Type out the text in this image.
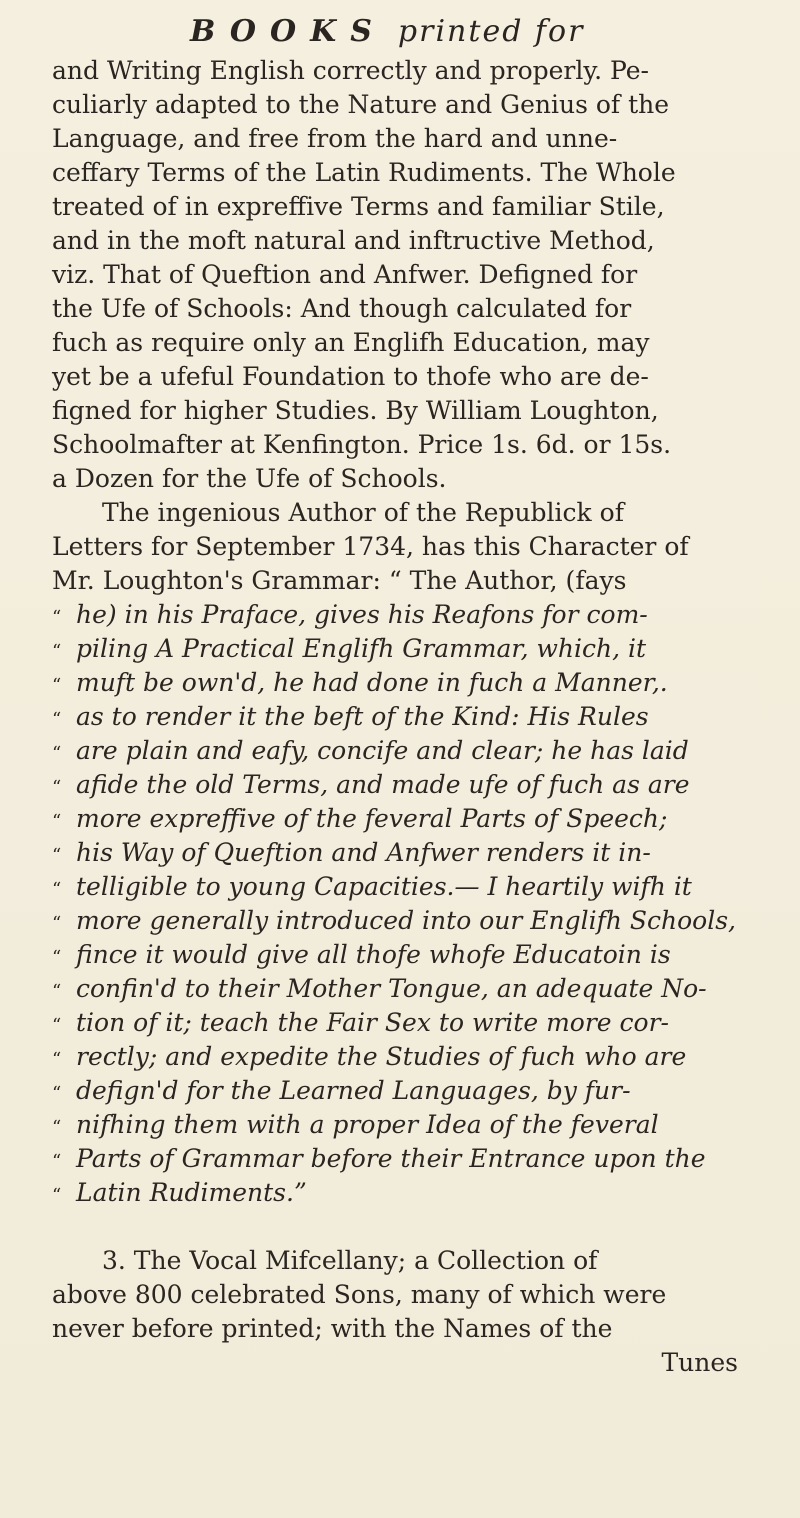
BOOKS printed for
and Writing English correctly and properly. Pe-
culiarly adapted to the Nature and Genius of the
Language, and free from the hard and unne-
ceffary Terms of the Latin Rudiments. The Whole
treated of in expreffive Terms and familiar Stile,
and in the moft natural and inftructive Method,
viz. That of Queftion and Anfwer. Defigned for
the Ufe of Schools: And though calculated for
fuch as require only an Englifh Education, may
yet be a ufeful Foundation to thofe who are de-
figned for higher Studies. By William Loughton,
Schoolmafter at Kenfington. Price 1s. 6d. or 15s.
a Dozen for the Ufe of Schools.
The ingenious Author of the Republick of
Letters for September 1734, has this Character of
Mr. Loughton's Grammar: “ The Author, (fays
“ he) in his Praface, gives his Reafons for com-
“ piling A Practical Englifh Grammar, which, it
“ muft be own'd, he had done in fuch a Manner,.
“ as to render it the beft of the Kind: His Rules
“ are plain and eafy, concife and clear; he has laid
“ afide the old Terms, and made ufe of fuch as are
“ more expreffive of the feveral Parts of Speech;
“ his Way of Queftion and Anfwer renders it in-
“ telligible to young Capacities.— I heartily wifh it
“ more generally introduced into our Englifh Schools,
“ fince it would give all thofe whofe Educatoin is
“ confin'd to their Mother Tongue, an adequate No-
“ tion of it; teach the Fair Sex to write more cor-
“ rectly; and expedite the Studies of fuch who are
“ defign'd for the Learned Languages, by fur-
“ nifhing them with a proper Idea of the feveral
“ Parts of Grammar before their Entrance upon the
“ Latin Rudiments.”
3. The Vocal Mifcellany; a Collection of
above 800 celebrated Sons, many of which were
never before printed; with the Names of the
Tunes
